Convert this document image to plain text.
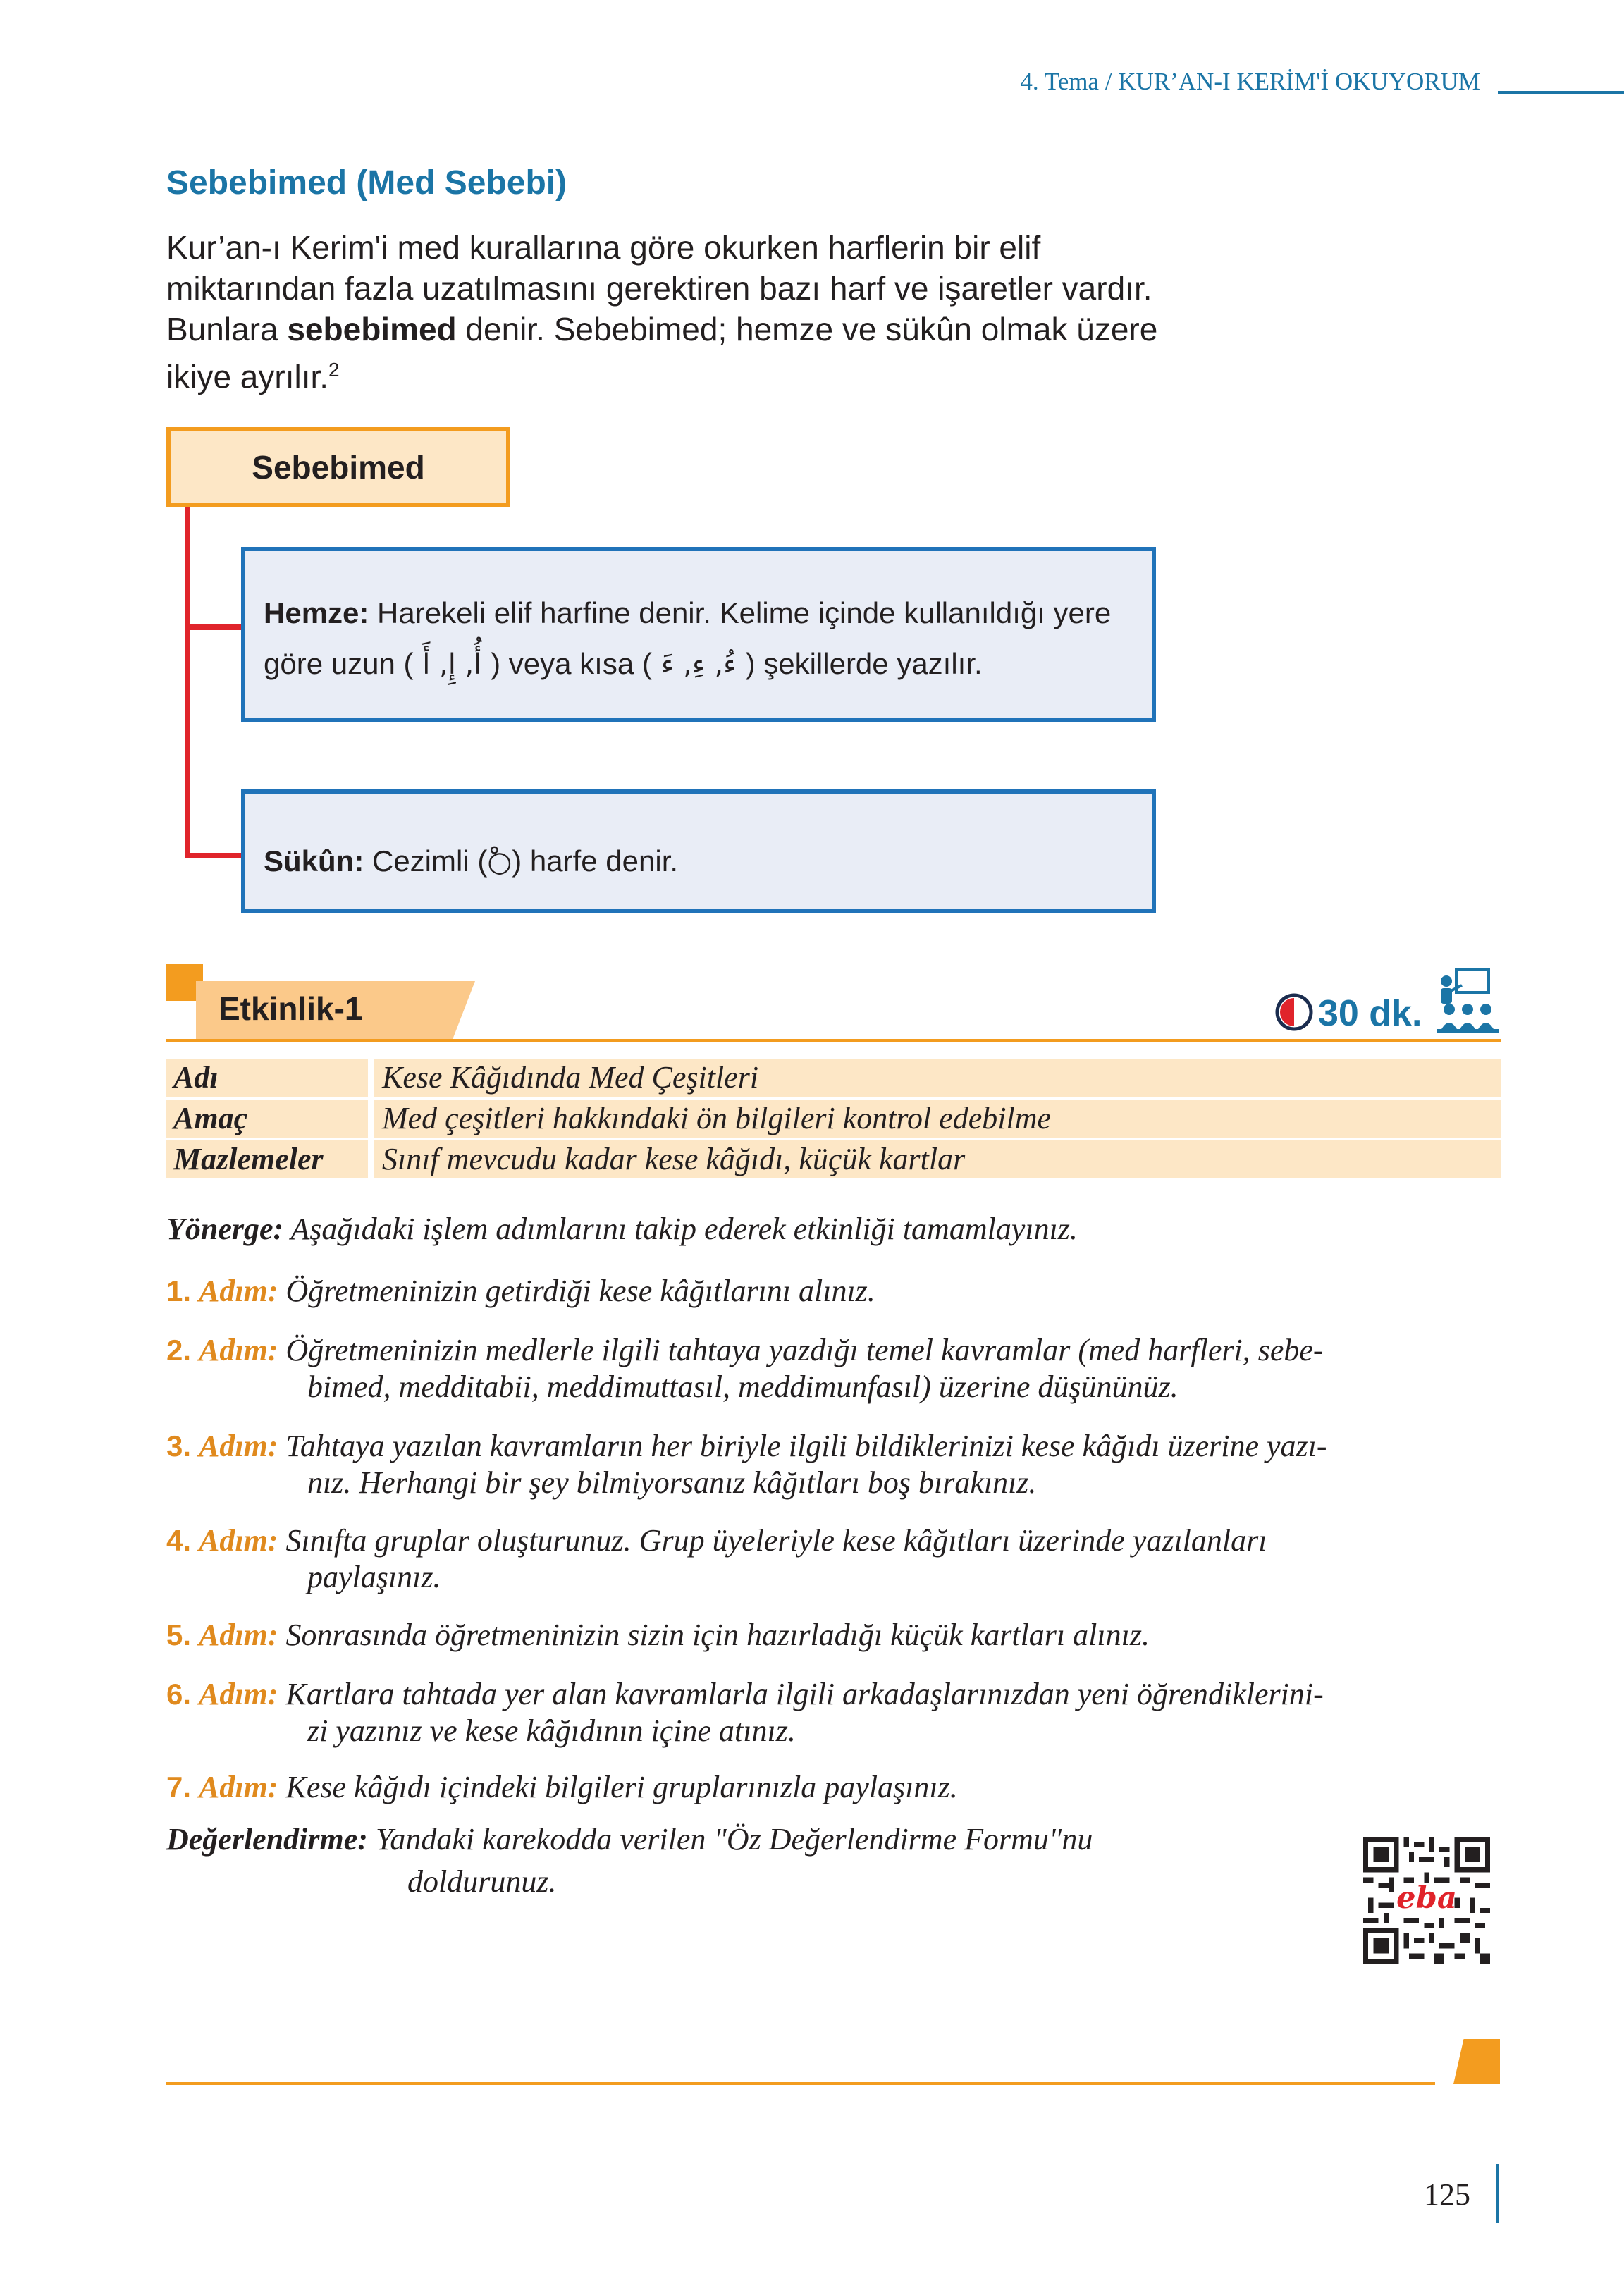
4. Tema / KUR’AN-I KERİM'İ OKUYORUM
Sebebimed (Med Sebebi)
Kur’an-ı Kerim'i med kurallarına göre okurken harflerin bir elif miktarından fazla uzatılmasını gerektiren bazı harf ve işaretler vardır. Bunlara sebebimed denir. Sebebimed; hemze ve sükûn olmak üzere ikiye ayrılır.$^2$
Sebebimed
Hemze: Harekeli elif harfine denir. Kelime içinde kullanıldığı yere göre uzun ( أُ, إِ, أَ ) veya kısa ( ءُ, ءِ, ءَ ) şekillerde yazılır.
Sükûn: Cezimli (ْ○) harfe denir.
Etkinlik-1	30 dk.
Adı	Kese Kâğıdında Med Çeşitleri
Amaç	Med çeşitleri hakkındaki ön bilgileri kontrol edebilme
Mazlemeler	Sınıf mevcudu kadar kese kâğıdı, küçük kartlar
Yönerge: Aşağıdaki işlem adımlarını takip ederek etkinliği tamamlayınız.
1. Adım: Öğretmeninizin getirdiği kese kâğıtlarını alınız.
2. Adım: Öğretmeninizin medlerle ilgili tahtaya yazdığı temel kavramlar (med harfleri, sebe-
bimed, medditabii, meddimuttasıl, meddimunfasıl) üzerine düşününüz.
3. Adım: Tahtaya yazılan kavramların her biriyle ilgili bildiklerinizi kese kâğıdı üzerine yazı-
nız. Herhangi bir şey bilmiyorsanız kâğıtları boş bırakınız.
4. Adım: Sınıfta gruplar oluşturunuz. Grup üyeleriyle kese kâğıtları üzerinde yazılanları
paylaşınız.
5. Adım: Sonrasında öğretmeninizin sizin için hazırladığı küçük kartları alınız.
6. Adım: Kartlara tahtada yer alan kavramlarla ilgili arkadaşlarınızdan yeni öğrendiklerini-
zi yazınız ve kese kâğıdının içine atınız.
7. Adım: Kese kâğıdı içindeki bilgileri gruplarınızla paylaşınız.
Değerlendirme: Yandaki karekodda verilen "Öz Değerlendirme Formu"nu
doldurunuz.	eba
125
